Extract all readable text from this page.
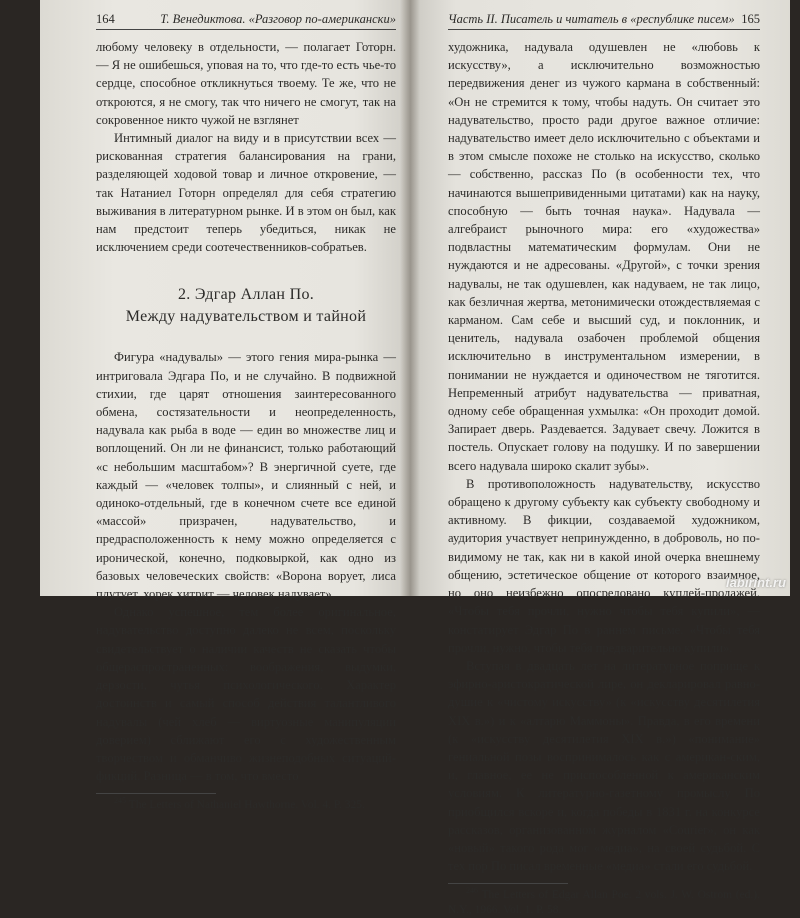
164	Т. Венедиктова. «Разговор по-американски»

любому человеку в отдельности, — полагает Готорн. — Я не ошибешься, уповая на то, что где-то есть чье-то сердце, способное откликнуться твоему. Те же, что не откроются, я не смогу, так что ничего не смогут, так на сокровенное никто чужой не взглянет

Интимный диалог на виду и в присутствии всех — рискованная стратегия балансирования на грани, разделяющей ходовой товар и личное откровение, — так Натаниел Готорн определял для себя стратегию выживания в литературном рынке. И в этом он был, как нам предстоит теперь убедиться, никак не исключением среди соотечественников-собратьев.

2. Эдгар Аллан По.
Между надувательством и тайной

Фигура «надувалы» — этого гения мира-рынка — интриговала Эдгара По, и не случайно. В подвижной стихии, где царят отношения заинтересованного обмена, состязательности и неопределенность, надувала как рыба в воде — един во множестве лиц и воплощений. Он ли не финансист, только работающий «с небольшим масштабом»? В энергичной суете, где каждый — «человек толпы», и слиянный с ней, и одиноко-отдельный, где в конечном счете все единой «массой» призрачен, надувательство, и предрасположенность к нему можно определяется с иронической, конечно, подковыркой, как одно из базовых человеческих свойств: «Ворона ворует, лиса плутует, хорек хитрит — человек надувает».

Однако успешное, тем более оригинальное, надувательство доступно далеко не всем, поскольку свидетельствует о наличии качеств не сказать чтобы общераспространенных: воображения, выдумки, дерзости, чутья психологического. Характер достоинств и самый способ действия талантливого надувалы (чей хлеб — виртуозные манипуляции доверием) сближают его с художественным творчеством и обманчиво жизнеподобных ситуаций-фикций. Разница — в том, что вместо

$^{245}$ The Letters of Nathaniel Hawthorne. Vol. 4. P. 325.

Часть II. Писатель и читатель в «республике писем» 165

художника, надувала одушевлен не «любовь к искусству», а исключительно возможностью передвижения денег из чужого кармана в собственный: «Он не стремится к тому, чтобы надуть. Он считает это надувательство, просто ради другое важное отличие: надувательство имеет дело исключительно с объектами и в этом смысле похоже не столько на искусство, сколько — собственно, рассказ По (в особенности тех, что начинаются вышепривиденными цитатами) как на науку, способную — быть точная наука». Надувала — алгебраист рыночного мира: его «художества» подвластны математическим формулам. Они не нуждаются и не адресованы. «Другой», с точки зрения надувалы, не так одушевлен, как надуваем, не так лицо, как безличная жертва, метонимически отождествляемая с карманом. Сам себе и высший суд, и поклонник, и ценитель, надувала озабочен проблемой общения исключительно в инструментальном измерении, в понимании не нуждается и одиночеством не тяготится. Непременный атрибут надувательства — приватная, одному себе обращенная ухмылка: «Он проходит домой. Запирает дверь. Раздевается. Задувает свечу. Ложится в постель. Опускает голову на подушку. И по завершении всего надувала широко скалит зубы».

В противоположность надувательству, искусство обращено к другому субъекту как субъекту свободному и активному. В фикции, создаваемой художником, аудитория участвует непринужденно, в доброволь, но по-видимому не так, как ни в какой иной очерка внешнему общению, эстетическое общение от которого взаимное, но оно неизбежно опосредовано куплей-продажей. «Чтобы тебя прочли, нужно чтобы тебя купили», — констатирует Эдгар По в раннем письме. «Чтобы тебя прочли, нужно, чтобы тебя предварительно купили».

Вступая в двадцать лет на литературное поприще к эфирно-аристократической лире, он декларировал равно-душие к «чистому искусству» (к «искусству десятилетия XIX в.») и к «алтарю Маммоны». Правда, в его времени (к «искусству десятилетия XIX в.») «понимание» гениальной позы воспринималось как с американ-ским, и, главное, ее не приспособленной к американским условиям. К литературно-газетному промыслу По приобщился вскоре и, когда победы в 1831 г. на конкурсе рассказов, организованном журналом «Courier», он как «новый» такого рода мог «медиа», на своей судьбой. С тех пор По писал временные «медиа» стали его судьбой.

$^{246}$ The Letters of Edgar Allan Poe. 2 vols. J. W. Ostrom (ed.). N.Y., 1966. Vol. 1. P. 58.

labirint.ru
